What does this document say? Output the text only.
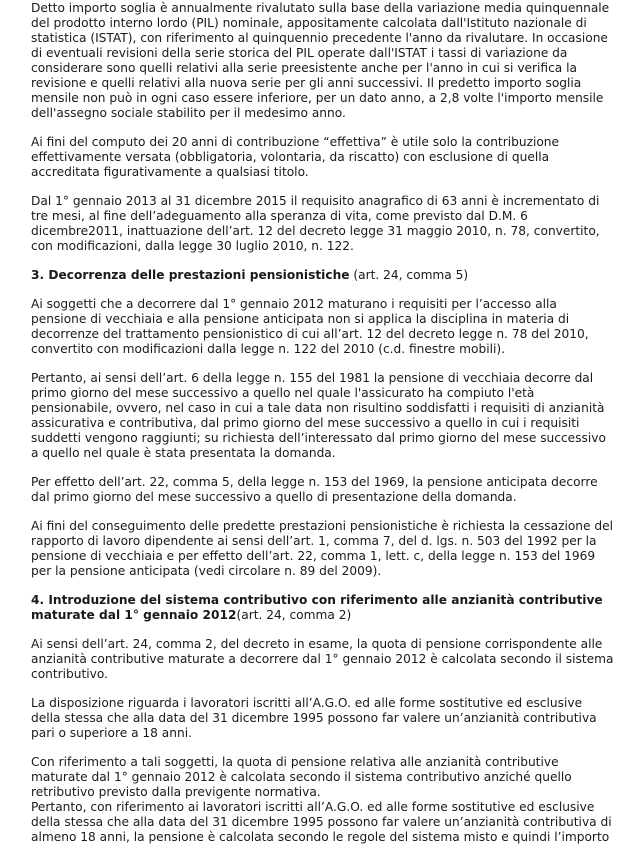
Detto importo soglia è annualmente rivalutato sulla base della variazione media quinquennale
del prodotto interno lordo (PIL) nominale, appositamente calcolata dall'Istituto nazionale di
statistica (ISTAT), con riferimento al quinquennio precedente l'anno da rivalutare. In occasione
di eventuali revisioni della serie storica del PIL operate dall'ISTAT i tassi di variazione da
considerare sono quelli relativi alla serie preesistente anche per l'anno in cui si verifica la
revisione e quelli relativi alla nuova serie per gli anni successivi. Il predetto importo soglia
mensile non può in ogni caso essere inferiore, per un dato anno, a 2,8 volte l'importo mensile
dell'assegno sociale stabilito per il medesimo anno.
Ai fini del computo dei 20 anni di contribuzione “effettiva” è utile solo la contribuzione
effettivamente versata (obbligatoria, volontaria, da riscatto) con esclusione di quella
accreditata figurativamente a qualsiasi titolo.
Dal 1° gennaio 2013 al 31 dicembre 2015 il requisito anagrafico di 63 anni è incrementato di
tre mesi, al fine dell’adeguamento alla speranza di vita, come previsto dal D.M. 6
dicembre2011, inattuazione dell’art. 12 del decreto legge 31 maggio 2010, n. 78, convertito,
con modificazioni, dalla legge 30 luglio 2010, n. 122.
3. Decorrenza delle prestazioni pensionistiche (art. 24, comma 5)
Ai soggetti che a decorrere dal 1° gennaio 2012 maturano i requisiti per l’accesso alla
pensione di vecchiaia e alla pensione anticipata non si applica la disciplina in materia di
decorrenze del trattamento pensionistico di cui all’art. 12 del decreto legge n. 78 del 2010,
convertito con modificazioni dalla legge n. 122 del 2010 (c.d. finestre mobili).
Pertanto, ai sensi dell’art. 6 della legge n. 155 del 1981 la pensione di vecchiaia decorre dal
primo giorno del mese successivo a quello nel quale l'assicurato ha compiuto l'età
pensionabile, ovvero, nel caso in cui a tale data non risultino soddisfatti i requisiti di anzianità
assicurativa e contributiva, dal primo giorno del mese successivo a quello in cui i requisiti
suddetti vengono raggiunti; su richiesta dell’interessato dal primo giorno del mese successivo
a quello nel quale è stata presentata la domanda.
Per effetto dell’art. 22, comma 5, della legge n. 153 del 1969, la pensione anticipata decorre
dal primo giorno del mese successivo a quello di presentazione della domanda.
Ai fini del conseguimento delle predette prestazioni pensionistiche è richiesta la cessazione del
rapporto di lavoro dipendente ai sensi dell’art. 1, comma 7, del d. lgs. n. 503 del 1992 per la
pensione di vecchiaia e per effetto dell’art. 22, comma 1, lett. c, della legge n. 153 del 1969
per la pensione anticipata (vedi circolare n. 89 del 2009).
4. Introduzione del sistema contributivo con riferimento alle anzianità contributive
maturate dal 1° gennaio 2012(art. 24, comma 2)
Ai sensi dell’art. 24, comma 2, del decreto in esame, la quota di pensione corrispondente alle
anzianità contributive maturate a decorrere dal 1° gennaio 2012 è calcolata secondo il sistema
contributivo.
La disposizione riguarda i lavoratori iscritti all’A.G.O. ed alle forme sostitutive ed esclusive
della stessa che alla data del 31 dicembre 1995 possono far valere un’anzianità contributiva
pari o superiore a 18 anni.
Con riferimento a tali soggetti, la quota di pensione relativa alle anzianità contributive
maturate dal 1° gennaio 2012 è calcolata secondo il sistema contributivo anziché quello
retributivo previsto dalla previgente normativa.
Pertanto, con riferimento ai lavoratori iscritti all’A.G.O. ed alle forme sostitutive ed esclusive
della stessa che alla data del 31 dicembre 1995 possono far valere un’anzianità contributiva di
almeno 18 anni, la pensione è calcolata secondo le regole del sistema misto e quindi l’importo
